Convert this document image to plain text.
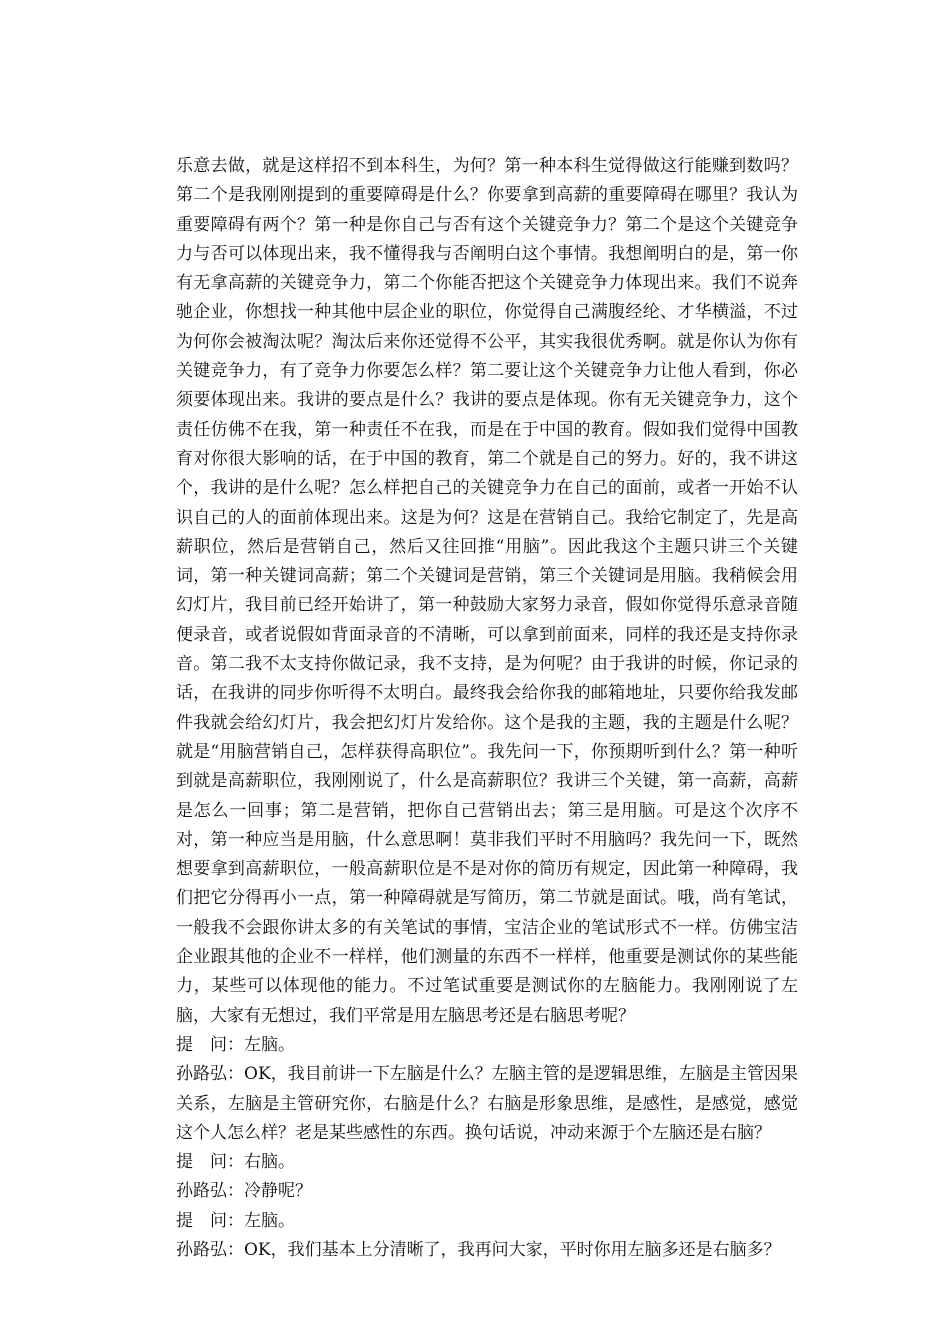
乐意去做，就是这样招不到本科生，为何？第一种本科生觉得做这行能赚到数吗？第二个是我刚刚提到的重要障碍是什么？你要拿到高薪的重要障碍在哪里？我认为重要障碍有两个？第一种是你自己与否有这个关键竞争力？第二个是这个关键竞争力与否可以体现出来，我不懂得我与否阐明白这个事情。我想阐明白的是，第一你有无拿高薪的关键竞争力，第二个你能否把这个关键竞争力体现出来。我们不说奔驰企业，你想找一种其他中层企业的职位，你觉得自己满腹经纶、才华横溢，不过为何你会被淘汰呢？淘汰后来你还觉得不公平，其实我很优秀啊。就是你认为你有关键竞争力，有了竞争力你要怎么样？第二要让这个关键竞争力让他人看到，你必须要体现出来。我讲的要点是什么？我讲的要点是体现。你有无关键竞争力，这个责任仿佛不在我，第一种责任不在我，而是在于中国的教育。假如我们觉得中国教育对你很大影响的话，在于中国的教育，第二个就是自己的努力。好的，我不讲这个，我讲的是什么呢？怎么样把自己的关键竞争力在自己的面前，或者一开始不认识自己的人的面前体现出来。这是为何？这是在营销自己。我给它制定了，先是高薪职位，然后是营销自己，然后又往回推“用脑”。因此我这个主题只讲三个关键词，第一种关键词高薪；第二个关键词是营销，第三个关键词是用脑。我稍候会用幻灯片，我目前已经开始讲了，第一种鼓励大家努力录音，假如你觉得乐意录音随便录音，或者说假如背面录音的不清晰，可以拿到前面来，同样的我还是支持你录音。第二我不太支持你做记录，我不支持，是为何呢？由于我讲的时候，你记录的话，在我讲的同步你听得不太明白。最终我会给你我的邮箱地址，只要你给我发邮件我就会给幻灯片，我会把幻灯片发给你。这个是我的主题，我的主题是什么呢？就是“用脑营销自己，怎样获得高职位”。我先问一下，你预期听到什么？第一种听到就是高薪职位，我刚刚说了，什么是高薪职位？我讲三个关键，第一高薪，高薪是怎么一回事；第二是营销，把你自己营销出去；第三是用脑。可是这个次序不对，第一种应当是用脑，什么意思啊！莫非我们平时不用脑吗？我先问一下，既然想要拿到高薪职位，一般高薪职位是不是对你的简历有规定，因此第一种障碍，我们把它分得再小一点，第一种障碍就是写简历，第二节就是面试。哦，尚有笔试，一般我不会跟你讲太多的有关笔试的事情，宝洁企业的笔试形式不一样。仿佛宝洁企业跟其他的企业不一样样，他们测量的东西不一样样，他重要是测试你的某些能力，某些可以体现他的能力。不过笔试重要是测试你的左脑能力。我刚刚说了左脑，大家有无想过，我们平常是用左脑思考还是右脑思考呢？

提　问：左脑。

孙路弘：OK，我目前讲一下左脑是什么？左脑主管的是逻辑思维，左脑是主管因果关系，左脑是主管研究你，右脑是什么？右脑是形象思维，是感性，是感觉，感觉这个人怎么样？老是某些感性的东西。换句话说，冲动来源于个左脑还是右脑？

提　问：右脑。

孙路弘：冷静呢？

提　问：左脑。

孙路弘：OK，我们基本上分清晰了，我再问大家，平时你用左脑多还是右脑多？
